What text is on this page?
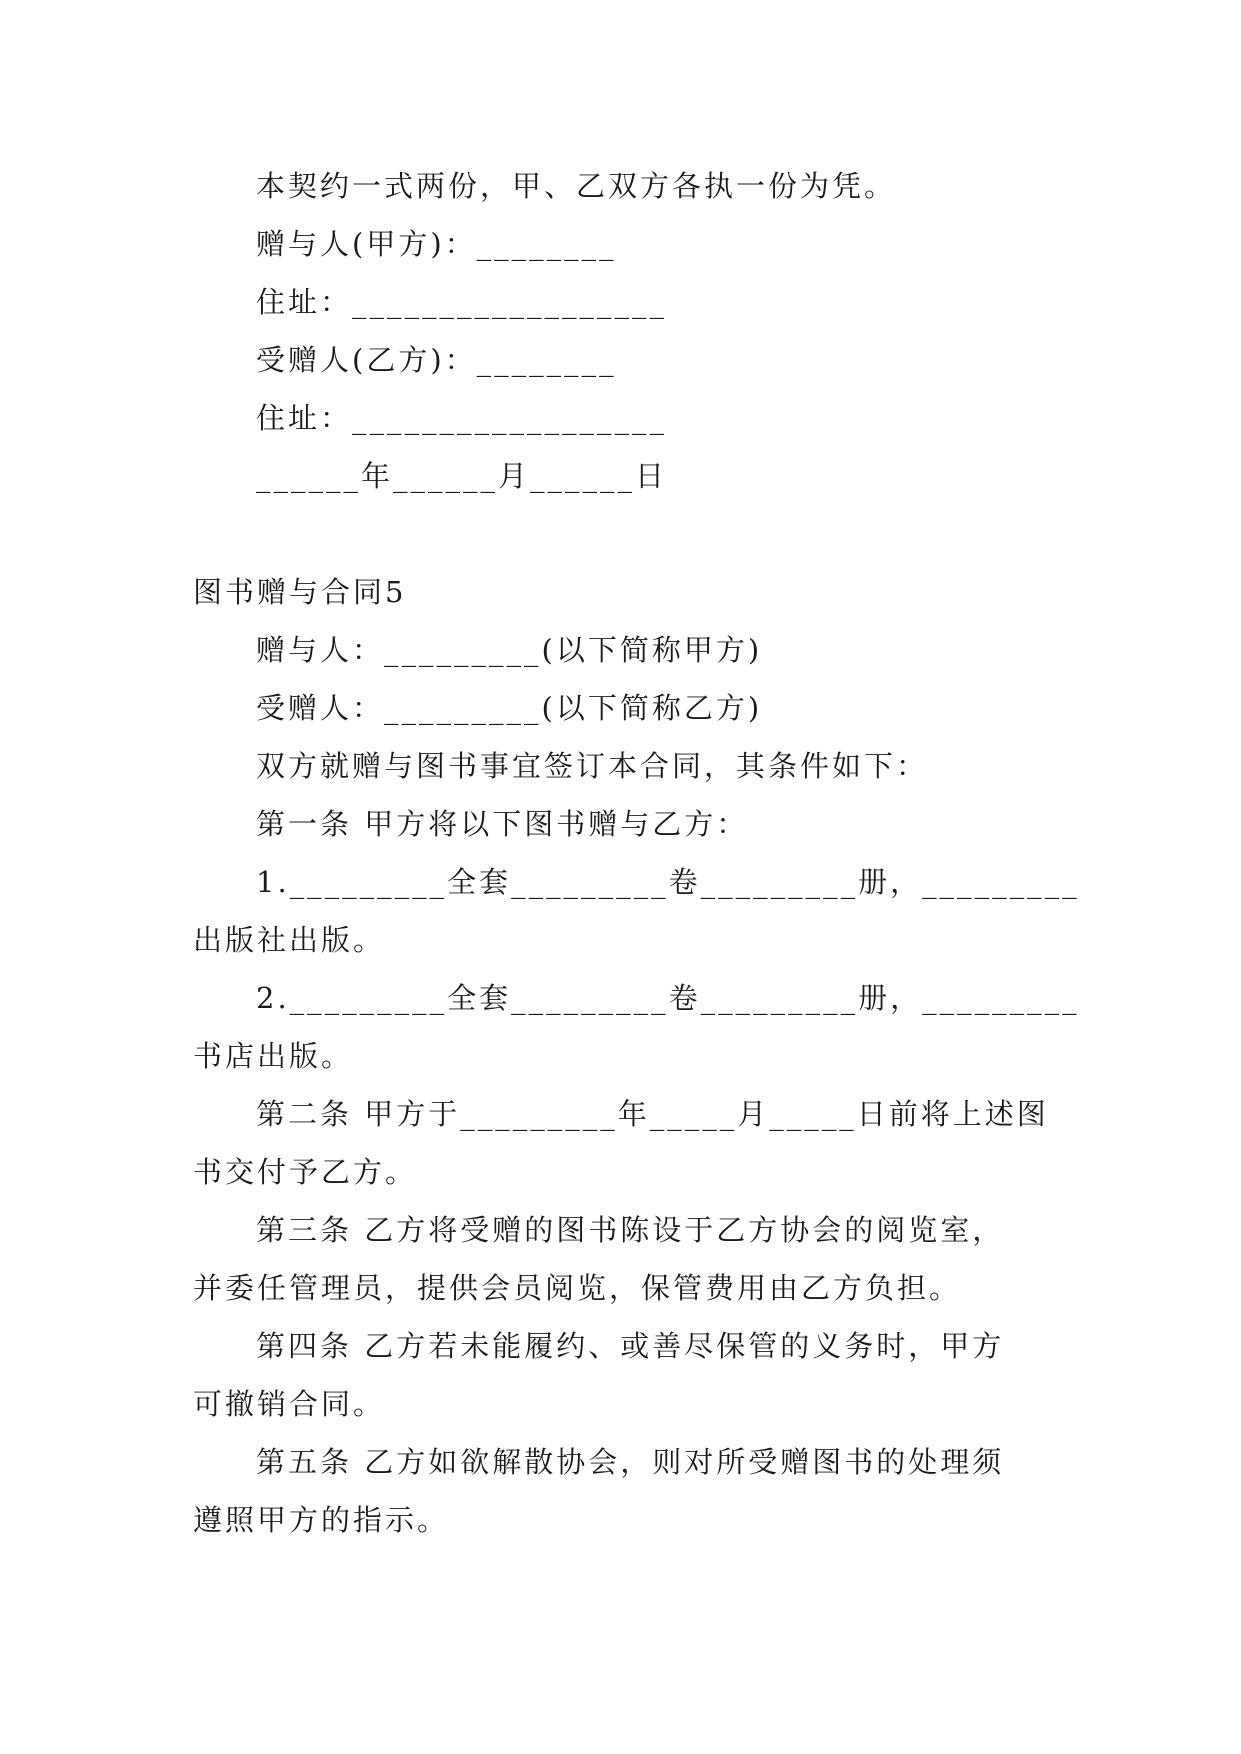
本契约一式两份，甲、乙双方各执一份为凭。
赠与人(甲方)：________
住址：__________________
受赠人(乙方)：________
住址：__________________
______年______月______日
图书赠与合同5
赠与人：_________(以下简称甲方)
受赠人：_________(以下简称乙方)
双方就赠与图书事宜签订本合同，其条件如下：
第一条 甲方将以下图书赠与乙方：
1._________全套_________卷_________册，_________
出版社出版。
2._________全套_________卷_________册，_________
书店出版。
第二条 甲方于_________年_____月_____日前将上述图
书交付予乙方。
第三条 乙方将受赠的图书陈设于乙方协会的阅览室，
并委任管理员，提供会员阅览，保管费用由乙方负担。
第四条 乙方若未能履约、或善尽保管的义务时，甲方
可撤销合同。
第五条 乙方如欲解散协会，则对所受赠图书的处理须
遵照甲方的指示。
